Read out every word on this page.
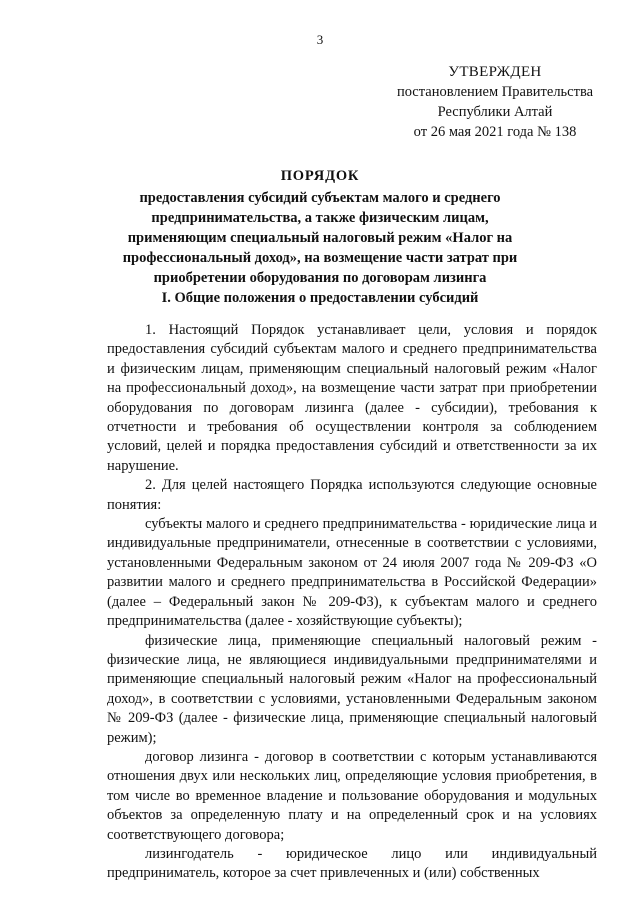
3
УТВЕРЖДЕН
постановлением Правительства
Республики Алтай
от 26 мая 2021 года № 138
ПОРЯДОК
предоставления субсидий субъектам малого и среднего предпринимательства, а также физическим лицам, применяющим специальный налоговый режим «Налог на профессиональный доход», на возмещение части затрат при приобретении оборудования по договорам лизинга
I. Общие положения о предоставлении субсидий

1. Настоящий Порядок устанавливает цели, условия и порядок предоставления субсидий субъектам малого и среднего предпринимательства и физическим лицам, применяющим специальный налоговый режим «Налог на профессиональный доход», на возмещение части затрат при приобретении оборудования по договорам лизинга (далее - субсидии), требования к отчетности и требования об осуществлении контроля за соблюдением условий, целей и порядка предоставления субсидий и ответственности за их нарушение.

2. Для целей настоящего Порядка используются следующие основные понятия:

субъекты малого и среднего предпринимательства - юридические лица и индивидуальные предприниматели, отнесенные в соответствии с условиями, установленными Федеральным законом от 24 июля 2007 года № 209-ФЗ «О развитии малого и среднего предпринимательства в Российской Федерации» (далее – Федеральный закон № 209-ФЗ), к субъектам малого и среднего предпринимательства (далее - хозяйствующие субъекты);

физические лица, применяющие специальный налоговый режим - физические лица, не являющиеся индивидуальными предпринимателями и применяющие специальный налоговый режим «Налог на профессиональный доход», в соответствии с условиями, установленными Федеральным законом № 209-ФЗ (далее - физические лица, применяющие специальный налоговый режим);

договор лизинга - договор в соответствии с которым устанавливаются отношения двух или нескольких лиц, определяющие условия приобретения, в том числе во временное владение и пользование оборудования и модульных объектов за определенную плату и на определенный срок и на условиях соответствующего договора;

лизингодатель - юридическое лицо или индивидуальный предприниматель, которое за счет привлеченных и (или) собственных
